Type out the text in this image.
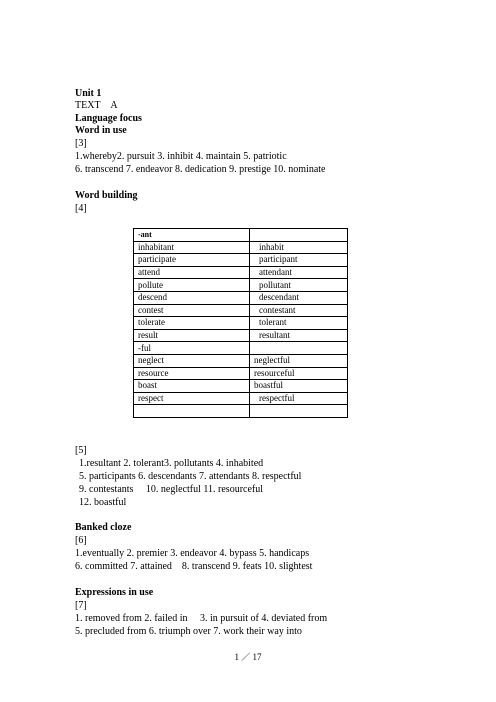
Unit 1
TEXT　A
Language focus
Word in use
[3]
1.whereby2. pursuit 3. inhibit 4. maintain 5. patriotic
6. transcend 7. endeavor 8. dedication 9. prestige 10. nominate
Word building
[4]
-ant	
inhabitant	inhabit
participate	participant
attend	attendant
pollute	pollutant
descend	descendant
contest	contestant
tolerate	tolerant
result	resultant
-ful	
neglect	neglectful
resource	resourceful
boast	boastful
respect	respectful

[5]
1.resultant 2. tolerant3. pollutants 4. inhabited
5. participants 6. descendants 7. attendants 8. respectful
9. contestants　 10. neglectful 11. resourceful
12. boastful
Banked cloze
[6]
1.eventually 2. premier 3. endeavor 4. bypass 5. handicaps
6. committed 7. attained　8. transcend 9. feats 10. slightest
Expressions in use
[7]
1. removed from 2. failed in　 3. in pursuit of 4. deviated from
5. precluded from 6. triumph over 7. work their way into
1 ／ 17
